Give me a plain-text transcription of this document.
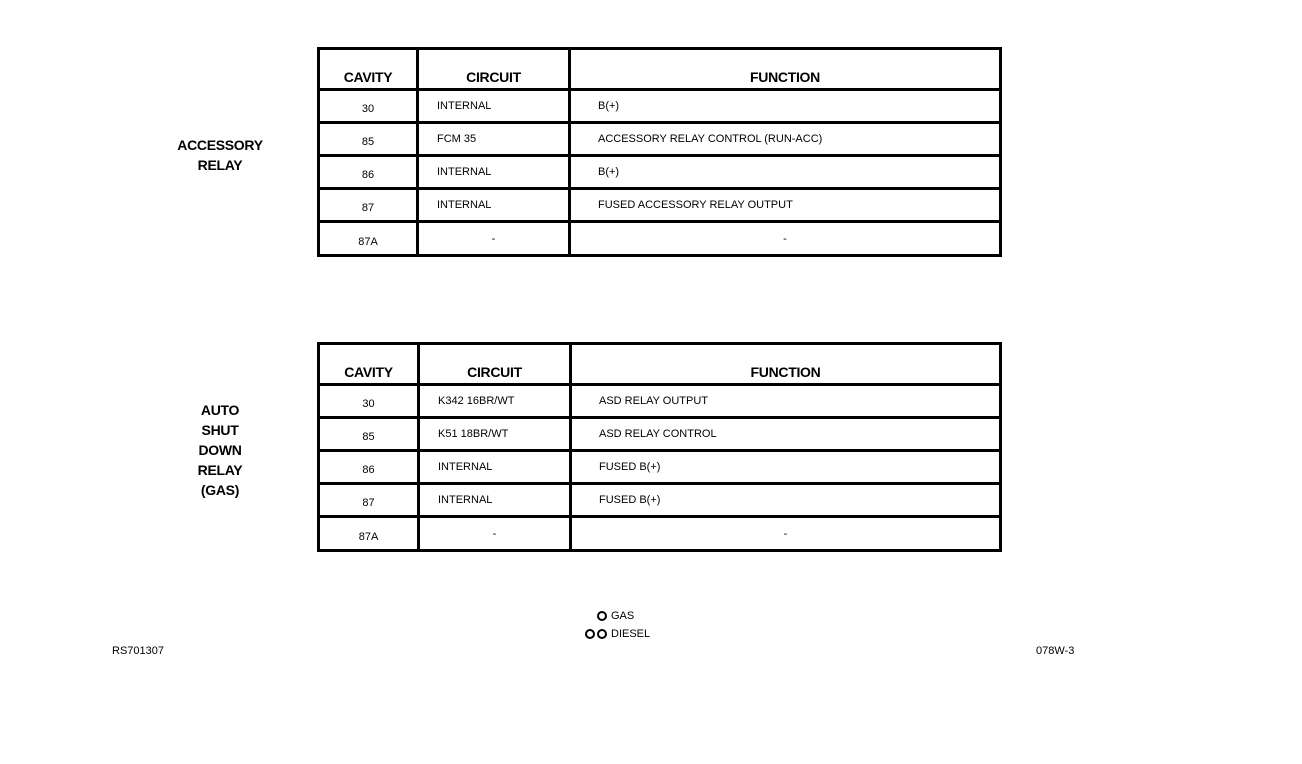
ACCESSORY
RELAY
CAVITY	CIRCUIT	FUNCTION
30	INTERNAL	B(+)
85	FCM 35	ACCESSORY RELAY CONTROL (RUN-ACC)
86	INTERNAL	B(+)
87	INTERNAL	FUSED ACCESSORY RELAY OUTPUT
87A	-	-
AUTO
SHUT
DOWN
RELAY
(GAS)
CAVITY	CIRCUIT	FUNCTION
30	K342 16BR/WT	ASD RELAY OUTPUT
85	K51 18BR/WT	ASD RELAY CONTROL
86	INTERNAL	FUSED B(+)
87	INTERNAL	FUSED B(+)
87A	-	-
GAS
DIESEL
RS701307	078W-3
